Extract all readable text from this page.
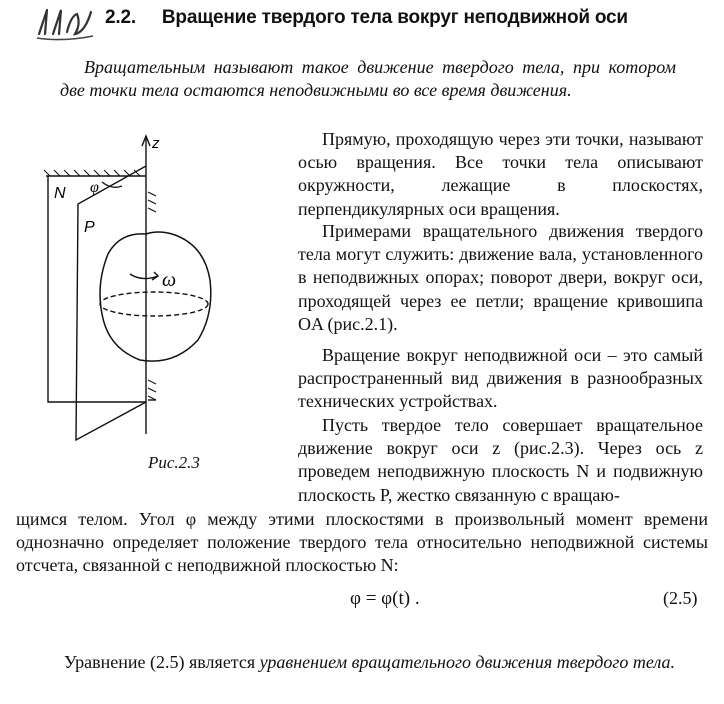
2.2. Вращение твердого тела вокруг неподвижной оси
Вращательным называют такое движение твердого тела, при котором две точки тела остаются неподвижными во все время движения.
z
N
P
φ
ω
Рис.2.3
Прямую, проходящую через эти точки, называют осью вращения. Все точки тела описывают окружности, лежащие в плоскостях, перпендикулярных оси вращения.
Примерами вращательного движения твердого тела могут служить: движение вала, установленного в неподвижных опорах; поворот двери, вокруг оси, проходящей через ее петли; вращение кривошипа OA (рис.2.1).
Вращение вокруг неподвижной оси – это самый распространенный вид движения в разнообразных технических устройствах.
Пусть твердое тело совершает вращательное движение вокруг оси z (рис.2.3). Через ось z проведем неподвижную плоскость N и подвижную плоскость P, жестко связанную с вращаю-
щимся телом. Угол φ между этими плоскостями в произвольный момент времени однозначно определяет положение твердого тела относительно неподвижной системы отсчета, связанной с неподвижной плоскостью N:
φ = φ(t) .	(2.5)
Уравнение (2.5) является уравнением вращательного движения твердого тела.
